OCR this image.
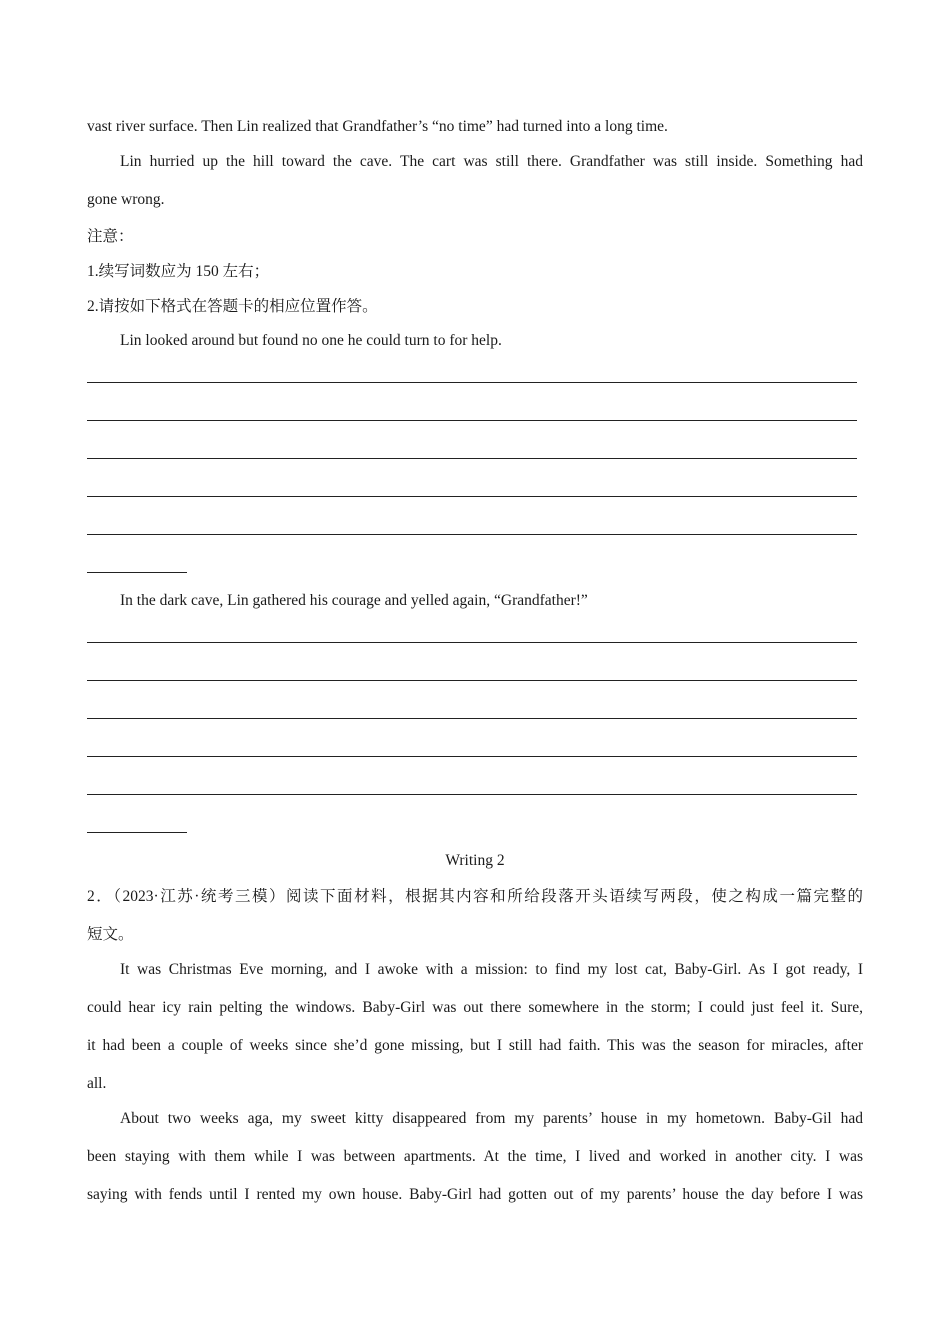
vast river surface. Then Lin realized that Grandfather’s “no time” had turned into a long time.
Lin hurried up the hill toward the cave. The cart was still there. Grandfather was still inside. Something had
gone wrong.
注意：
1.续写词数应为 150 左右；
2.请按如下格式在答题卡的相应位置作答。
Lin looked around but found no one he could turn to for help.
In the dark cave, Lin gathered his courage and yelled again, “Grandfather!”
Writing 2
2．（2023·江苏·统考三模）阅读下面材料，根据其内容和所给段落开头语续写两段，使之构成一篇完整的
短文。
It was Christmas Eve morning, and I awoke with a mission: to find my lost cat, Baby-Girl. As I got ready, I
could hear icy rain pelting the windows. Baby-Girl was out there somewhere in the storm; I could just feel it. Sure,
it had been a couple of weeks since she’d gone missing, but I still had faith. This was the season for miracles, after
all.
About two weeks aga, my sweet kitty disappeared from my parents’ house in my hometown. Baby-Gil had
been staying with them while I was between apartments. At the time, I lived and worked in another city. I was
saying with fends until I rented my own house. Baby-Girl had gotten out of my parents’ house the day before I was
